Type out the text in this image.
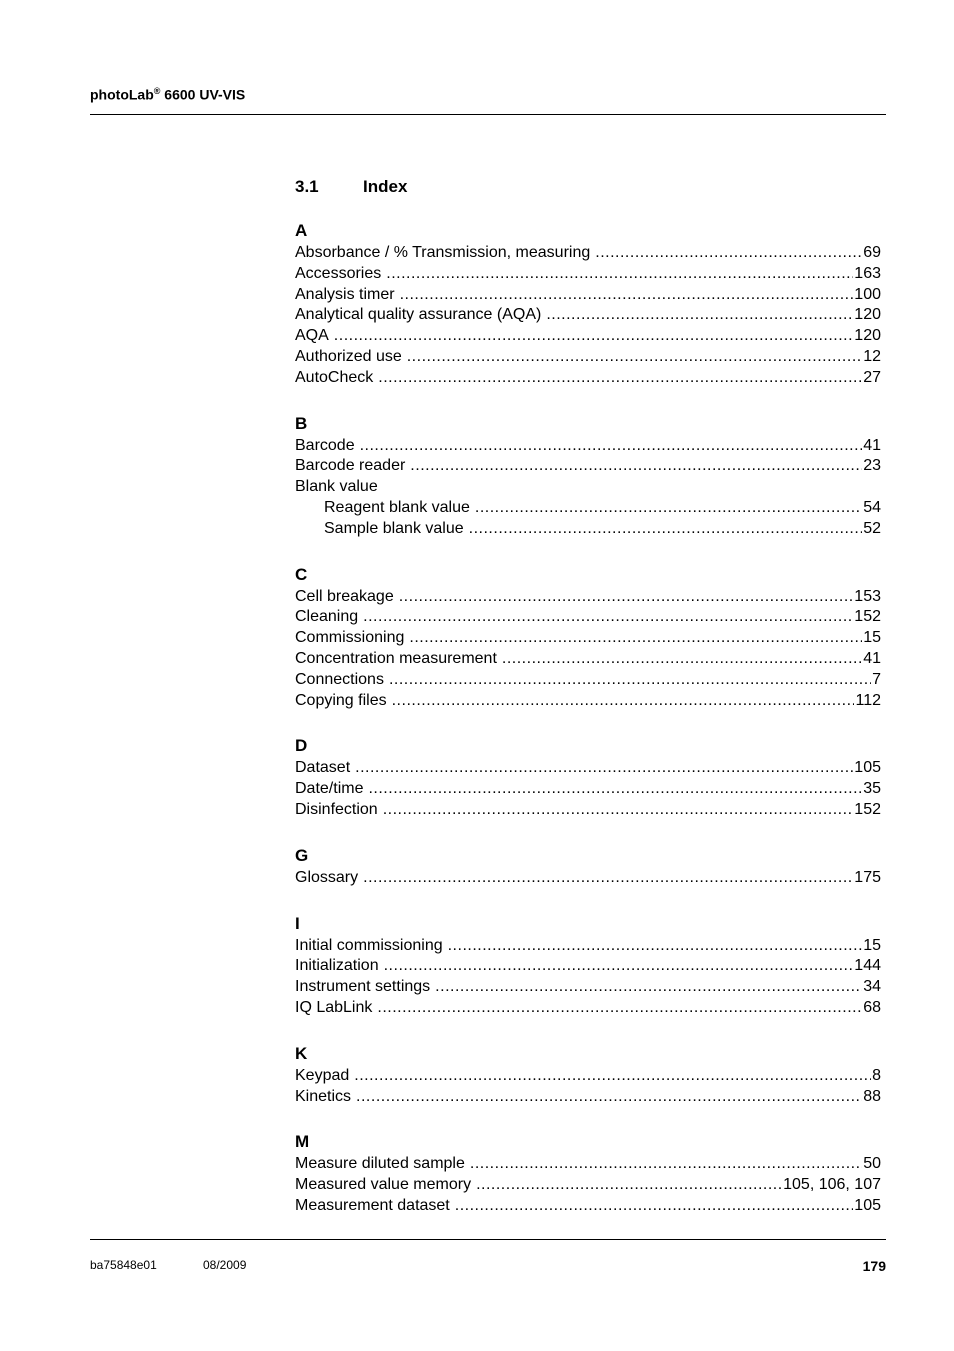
photoLab® 6600 UV-VIS
3.1	Index
A
Absorbance / % Transmission, measuring .....	69
Accessories .....	163
Analysis timer .....	100
Analytical quality assurance (AQA) .....	120
AQA .....	120
Authorized use .....	12
AutoCheck .....	27
B
Barcode .....	41
Barcode reader .....	23
Blank value
Reagent blank value .....	54
Sample blank value .....	52
C
Cell breakage .....	153
Cleaning .....	152
Commissioning .....	15
Concentration measurement .....	41
Connections .....	7
Copying files .....	112
D
Dataset .....	105
Date/time .....	35
Disinfection .....	152
G
Glossary .....	175
I
Initial commissioning .....	15
Initialization .....	144
Instrument settings .....	34
IQ LabLink .....	68
K
Keypad .....	8
Kinetics .....	88
M
Measure diluted sample .....	50
Measured value memory .....	105, 106, 107
Measurement dataset .....	105
ba75848e01	08/2009	179
